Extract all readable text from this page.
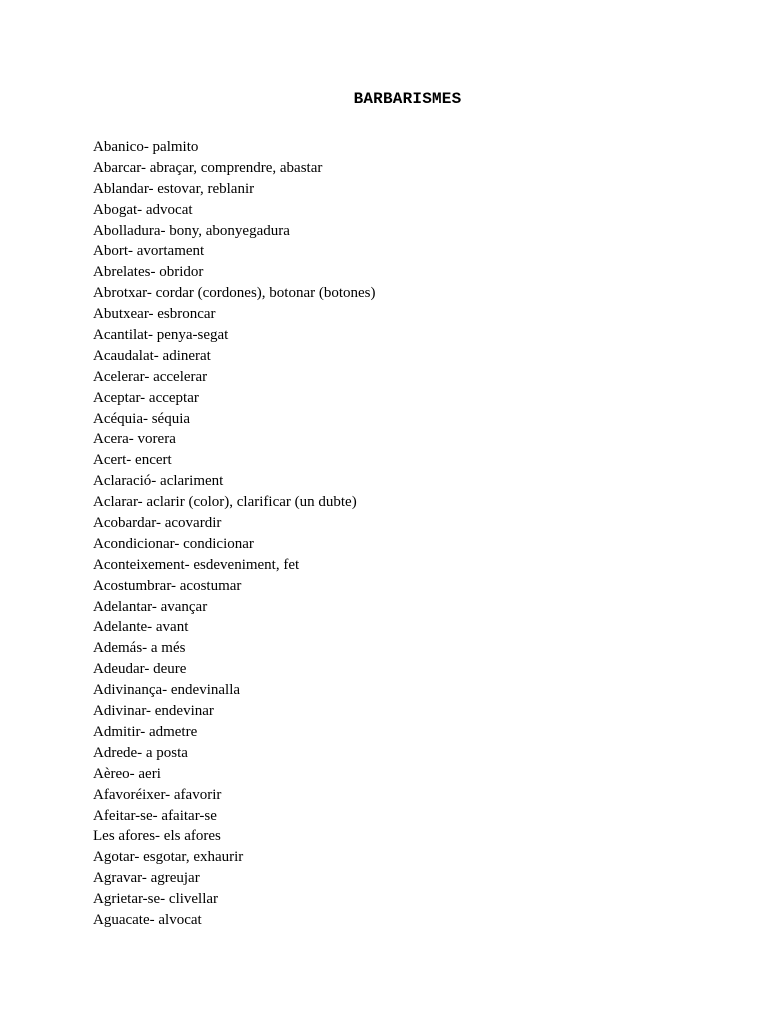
BARBARISMES
Abanico- palmito
Abarcar- abraçar, comprendre, abastar
Ablandar- estovar, reblanir
Abogat- advocat
Abolladura- bony, abonyegadura
Abort- avortament
Abrelates- obridor
Abrotxar- cordar (cordones), botonar (botones)
Abutxear- esbroncar
Acantilat- penya-segat
Acaudalat- adinerat
Acelerar- accelerar
Aceptar- acceptar
Acéquia- séquia
Acera- vorera
Acert- encert
Aclaració- aclariment
Aclarar- aclarir (color), clarificar (un dubte)
Acobardar- acovardir
Acondicionar- condicionar
Aconteixement- esdeveniment, fet
Acostumbrar- acostumar
Adelantar- avançar
Adelante- avant
Además- a més
Adeudar- deure
Adivinança- endevinalla
Adivinar- endevinar
Admitir- admetre
Adrede- a posta
Aèreo- aeri
Afavoréixer- afavorir
Afeitar-se- afaitar-se
Les afores- els afores
Agotar- esgotar, exhaurir
Agravar- agreujar
Agrietar-se- clivellar
Aguacate- alvocat
